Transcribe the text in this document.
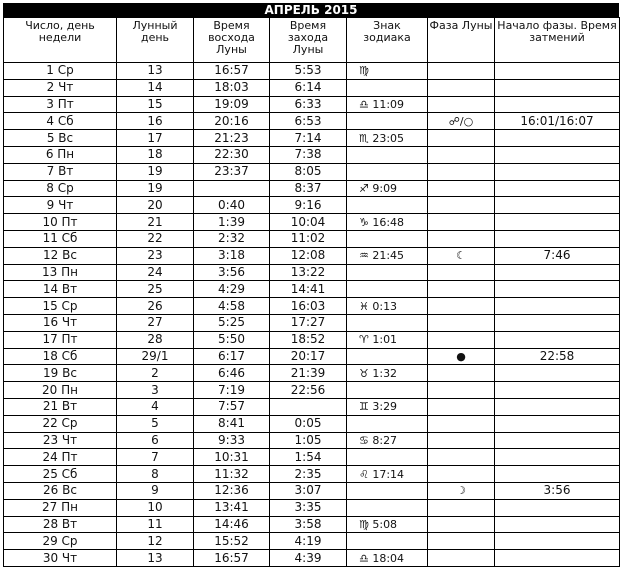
АПРЕЛЬ 2015
Число, день недели	Лунный день	Время восхода Луны	Время захода Луны	Знак зодиака	Фаза Луны	Начало фазы. Время затмений
1 Ср	13	16:57	5:53	♍		
2 Чт	14	18:03	6:14			
3 Пт	15	19:09	6:33	♎ 11:09		
4 Сб	16	20:16	6:53		☍/○	16:01/16:07
5 Вс	17	21:23	7:14	♏ 23:05		
6 Пн	18	22:30	7:38			
7 Вт	19	23:37	8:05			
8 Ср	19		8:37	♐ 9:09		
9 Чт	20	0:40	9:16			
10 Пт	21	1:39	10:04	♑ 16:48		
11 Сб	22	2:32	11:02			
12 Вс	23	3:18	12:08	♒ 21:45	☾	7:46
13 Пн	24	3:56	13:22			
14 Вт	25	4:29	14:41			
15 Ср	26	4:58	16:03	♓ 0:13		
16 Чт	27	5:25	17:27			
17 Пт	28	5:50	18:52	♈ 1:01		
18 Сб	29/1	6:17	20:17		●	22:58
19 Вс	2	6:46	21:39	♉ 1:32		
20 Пн	3	7:19	22:56			
21 Вт	4	7:57		♊ 3:29		
22 Ср	5	8:41	0:05			
23 Чт	6	9:33	1:05	♋ 8:27		
24 Пт	7	10:31	1:54			
25 Сб	8	11:32	2:35	♌ 17:14		
26 Вс	9	12:36	3:07		☽	3:56
27 Пн	10	13:41	3:35			
28 Вт	11	14:46	3:58	♍ 5:08		
29 Ср	12	15:52	4:19			
30 Чт	13	16:57	4:39	♎ 18:04		
